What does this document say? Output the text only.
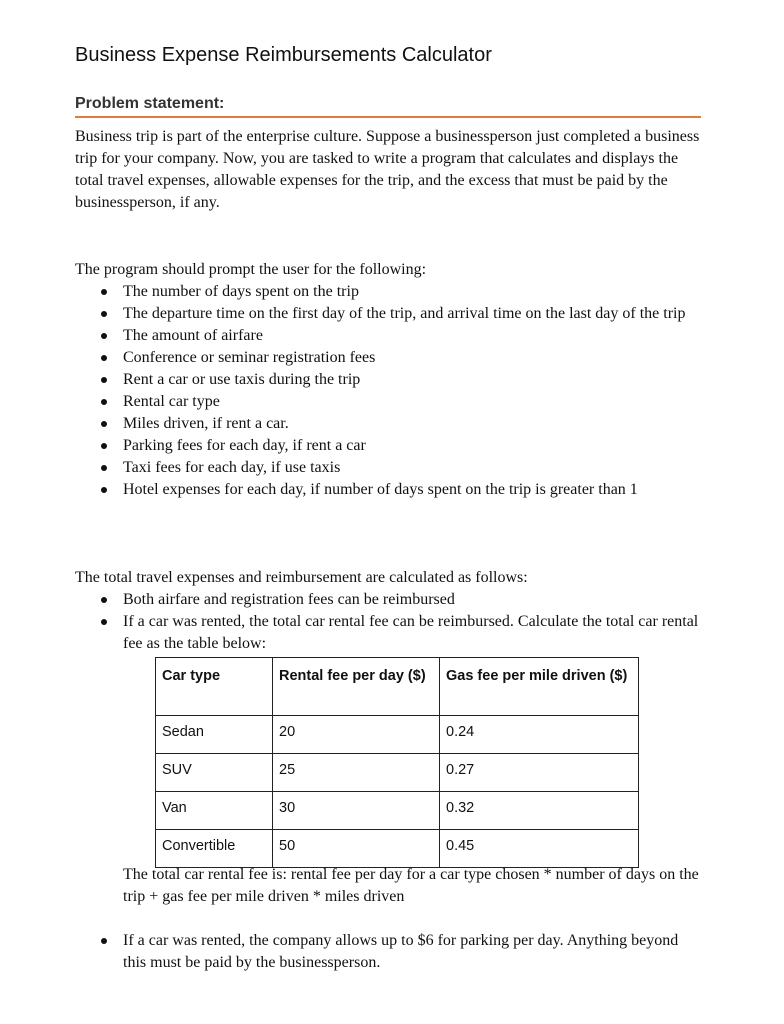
Business Expense Reimbursements Calculator
Problem statement:

Business trip is part of the enterprise culture. Suppose a businessperson just completed a business trip for your company. Now, you are tasked to write a program that calculates and displays the total travel expenses, allowable expenses for the trip, and the excess that must be paid by the businessperson, if any.

The program should prompt the user for the following:
The number of days spent on the trip
The departure time on the first day of the trip, and arrival time on the last day of the trip
The amount of airfare
Conference or seminar registration fees
Rent a car or use taxis during the trip
Rental car type
Miles driven, if rent a car.
Parking fees for each day, if rent a car
Taxi fees for each day, if use taxis
Hotel expenses for each day, if number of days spent on the trip is greater than 1
The total travel expenses and reimbursement are calculated as follows:
Both airfare and registration fees can be reimbursed
If a car was rented, the total car rental fee can be reimbursed. Calculate the total car rental fee as the table below:
Car type	Rental fee per day ($)	Gas fee per mile driven ($)
Sedan	20	0.24
SUV	25	0.27
Van	30	0.32
Convertible	50	0.45

The total car rental fee is: rental fee per day for a car type chosen * number of days on the trip + gas fee per mile driven * miles driven

If a car was rented, the company allows up to $6 for parking per day. Anything beyond this must be paid by the businessperson.
